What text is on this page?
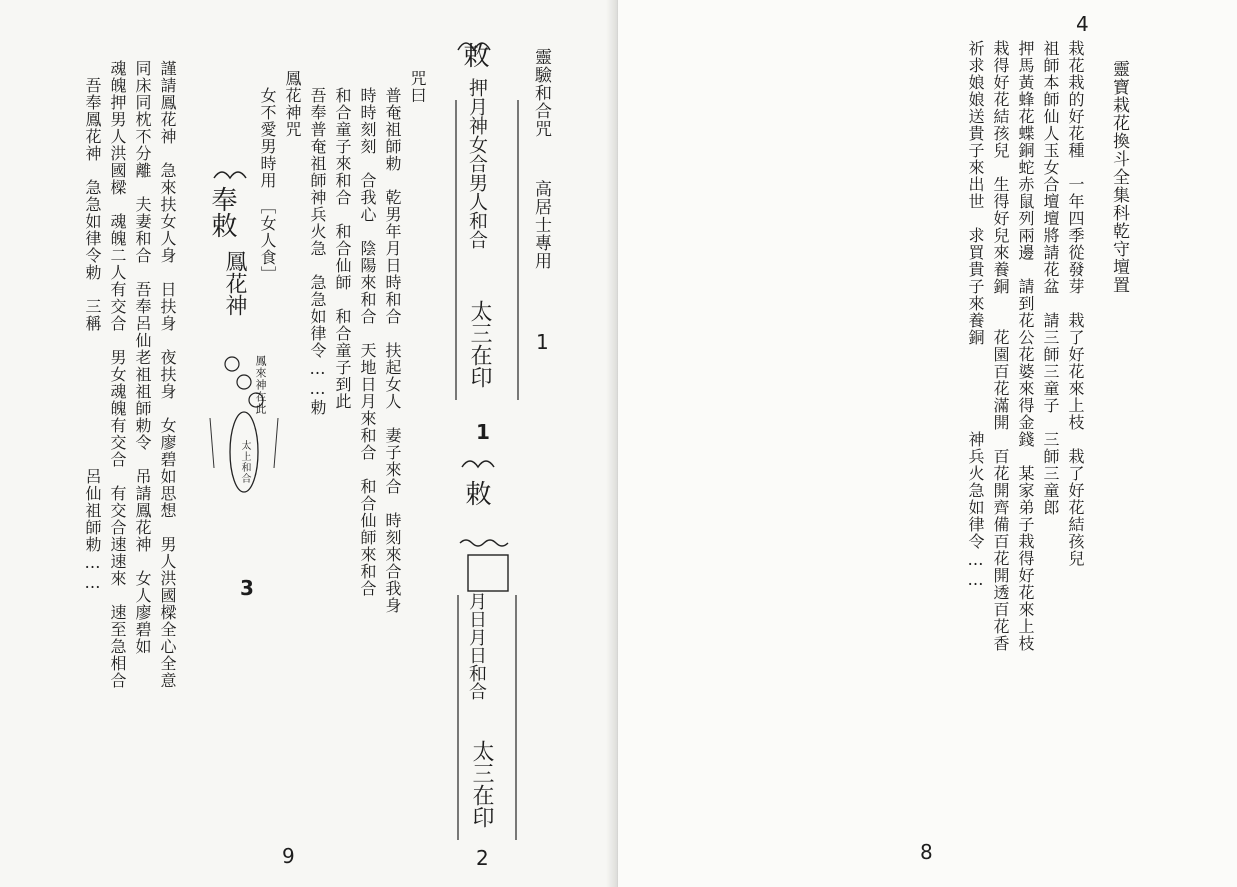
靈驗和合咒
高居士專用
1
敕
押月神女合男人和合
太三在印
1
敕
月日月日和合
太三在印
2
咒曰
　普奄祖師勅　乾男年月日時和合　扶起女人　妻子來合　時刻來合我身
　時時刻刻　合我心　陰陽來和合　天地日月來和合　和合仙師來和合
　和合童子來和合　和合仙師　和合童子到此
　吾奉普奄祖師神兵火急　急急如律令……勅
鳳花神咒
　女不愛男時用　［女人食］
奉敕
鳳花神
鳳來神在此
太上和合
3
謹請鳳花神　急來扶女人身　日扶身　夜扶身　女廖碧如思想　男人洪國樑全心全意
同床同枕不分離　夫妻和合　吾奉呂仙老祖祖師勅令　吊請鳳花神　女人廖碧如
魂魄押男人洪國樑　魂魄二人有交合　男女魂魄有交合　有交合速速來　速至急相合
　吾奉鳳花神　急急如律令勅　三稱　　　　　　　　呂仙祖師勅……
9
4
靈寶栽花換斗全集科乾守壇置
栽花栽的好花種　一年四季從發芽　栽了好花來上枝　栽了好花結孩兒
祖師本師仙人玉女合壇壇將請花盆　請三師三童子　三師三童郎
押馬黃蜂花蝶銅蛇赤鼠列兩邊　請到花公花婆來得金錢　某家弟子栽得好花來上枝
栽得好花結孩兒　生得好兒來養銅　　花園百花滿開　百花開齊備百花開透百花香
祈求娘娘送貴子來出世　求買貴子來養銅　　　　　神兵火急如律令……
8
